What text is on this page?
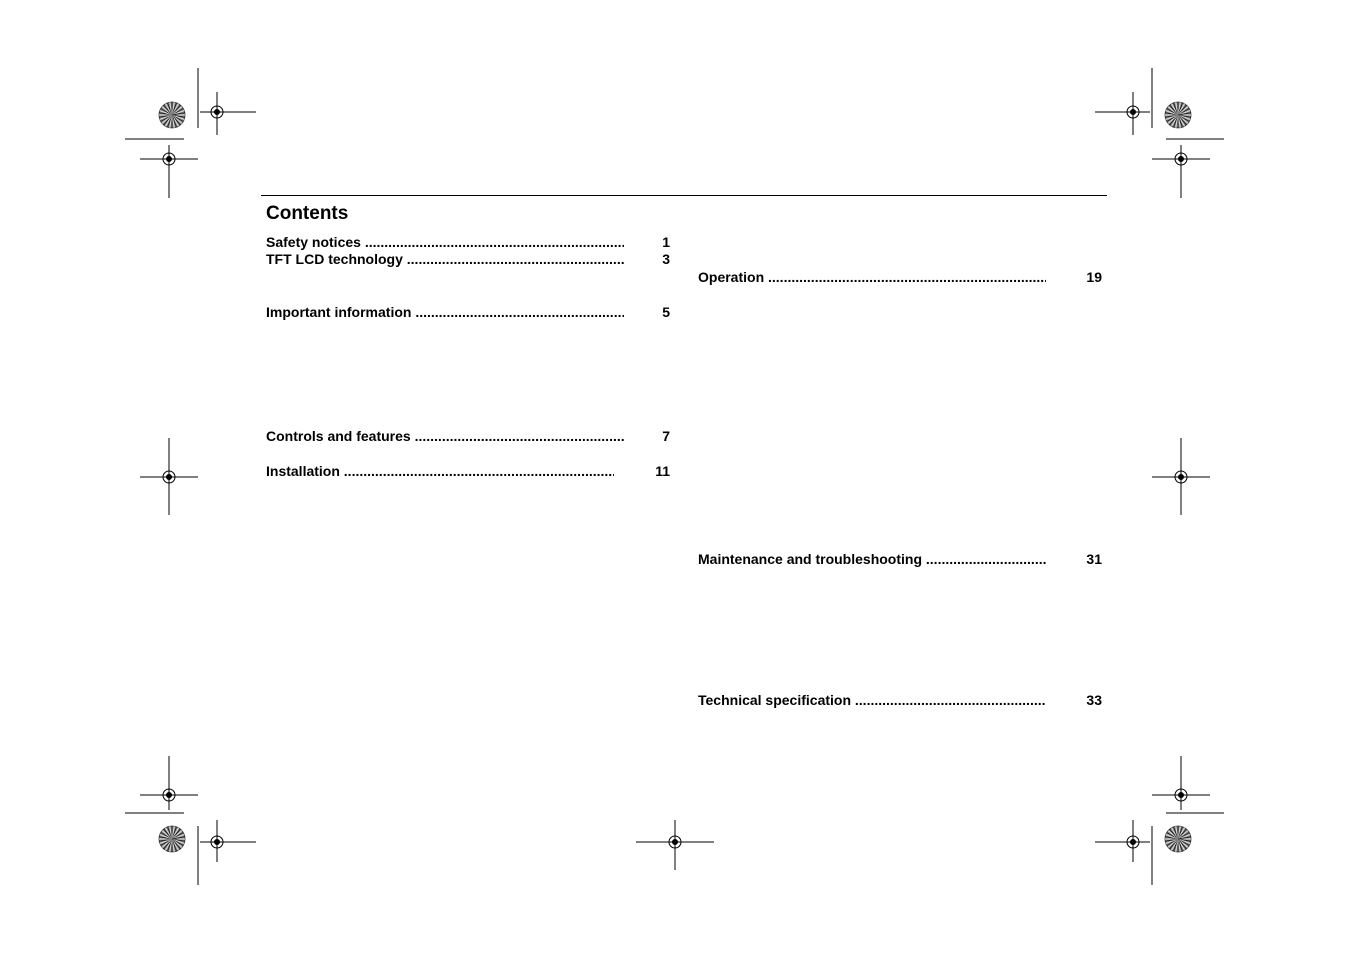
Contents
Safety notices .....	1
TFT LCD technology .....	3
Important information .....	5
Controls and features .....	7
Installation .....	11
Operation .....	19
Maintenance and troubleshooting .....	31
Technical specification .....	33
